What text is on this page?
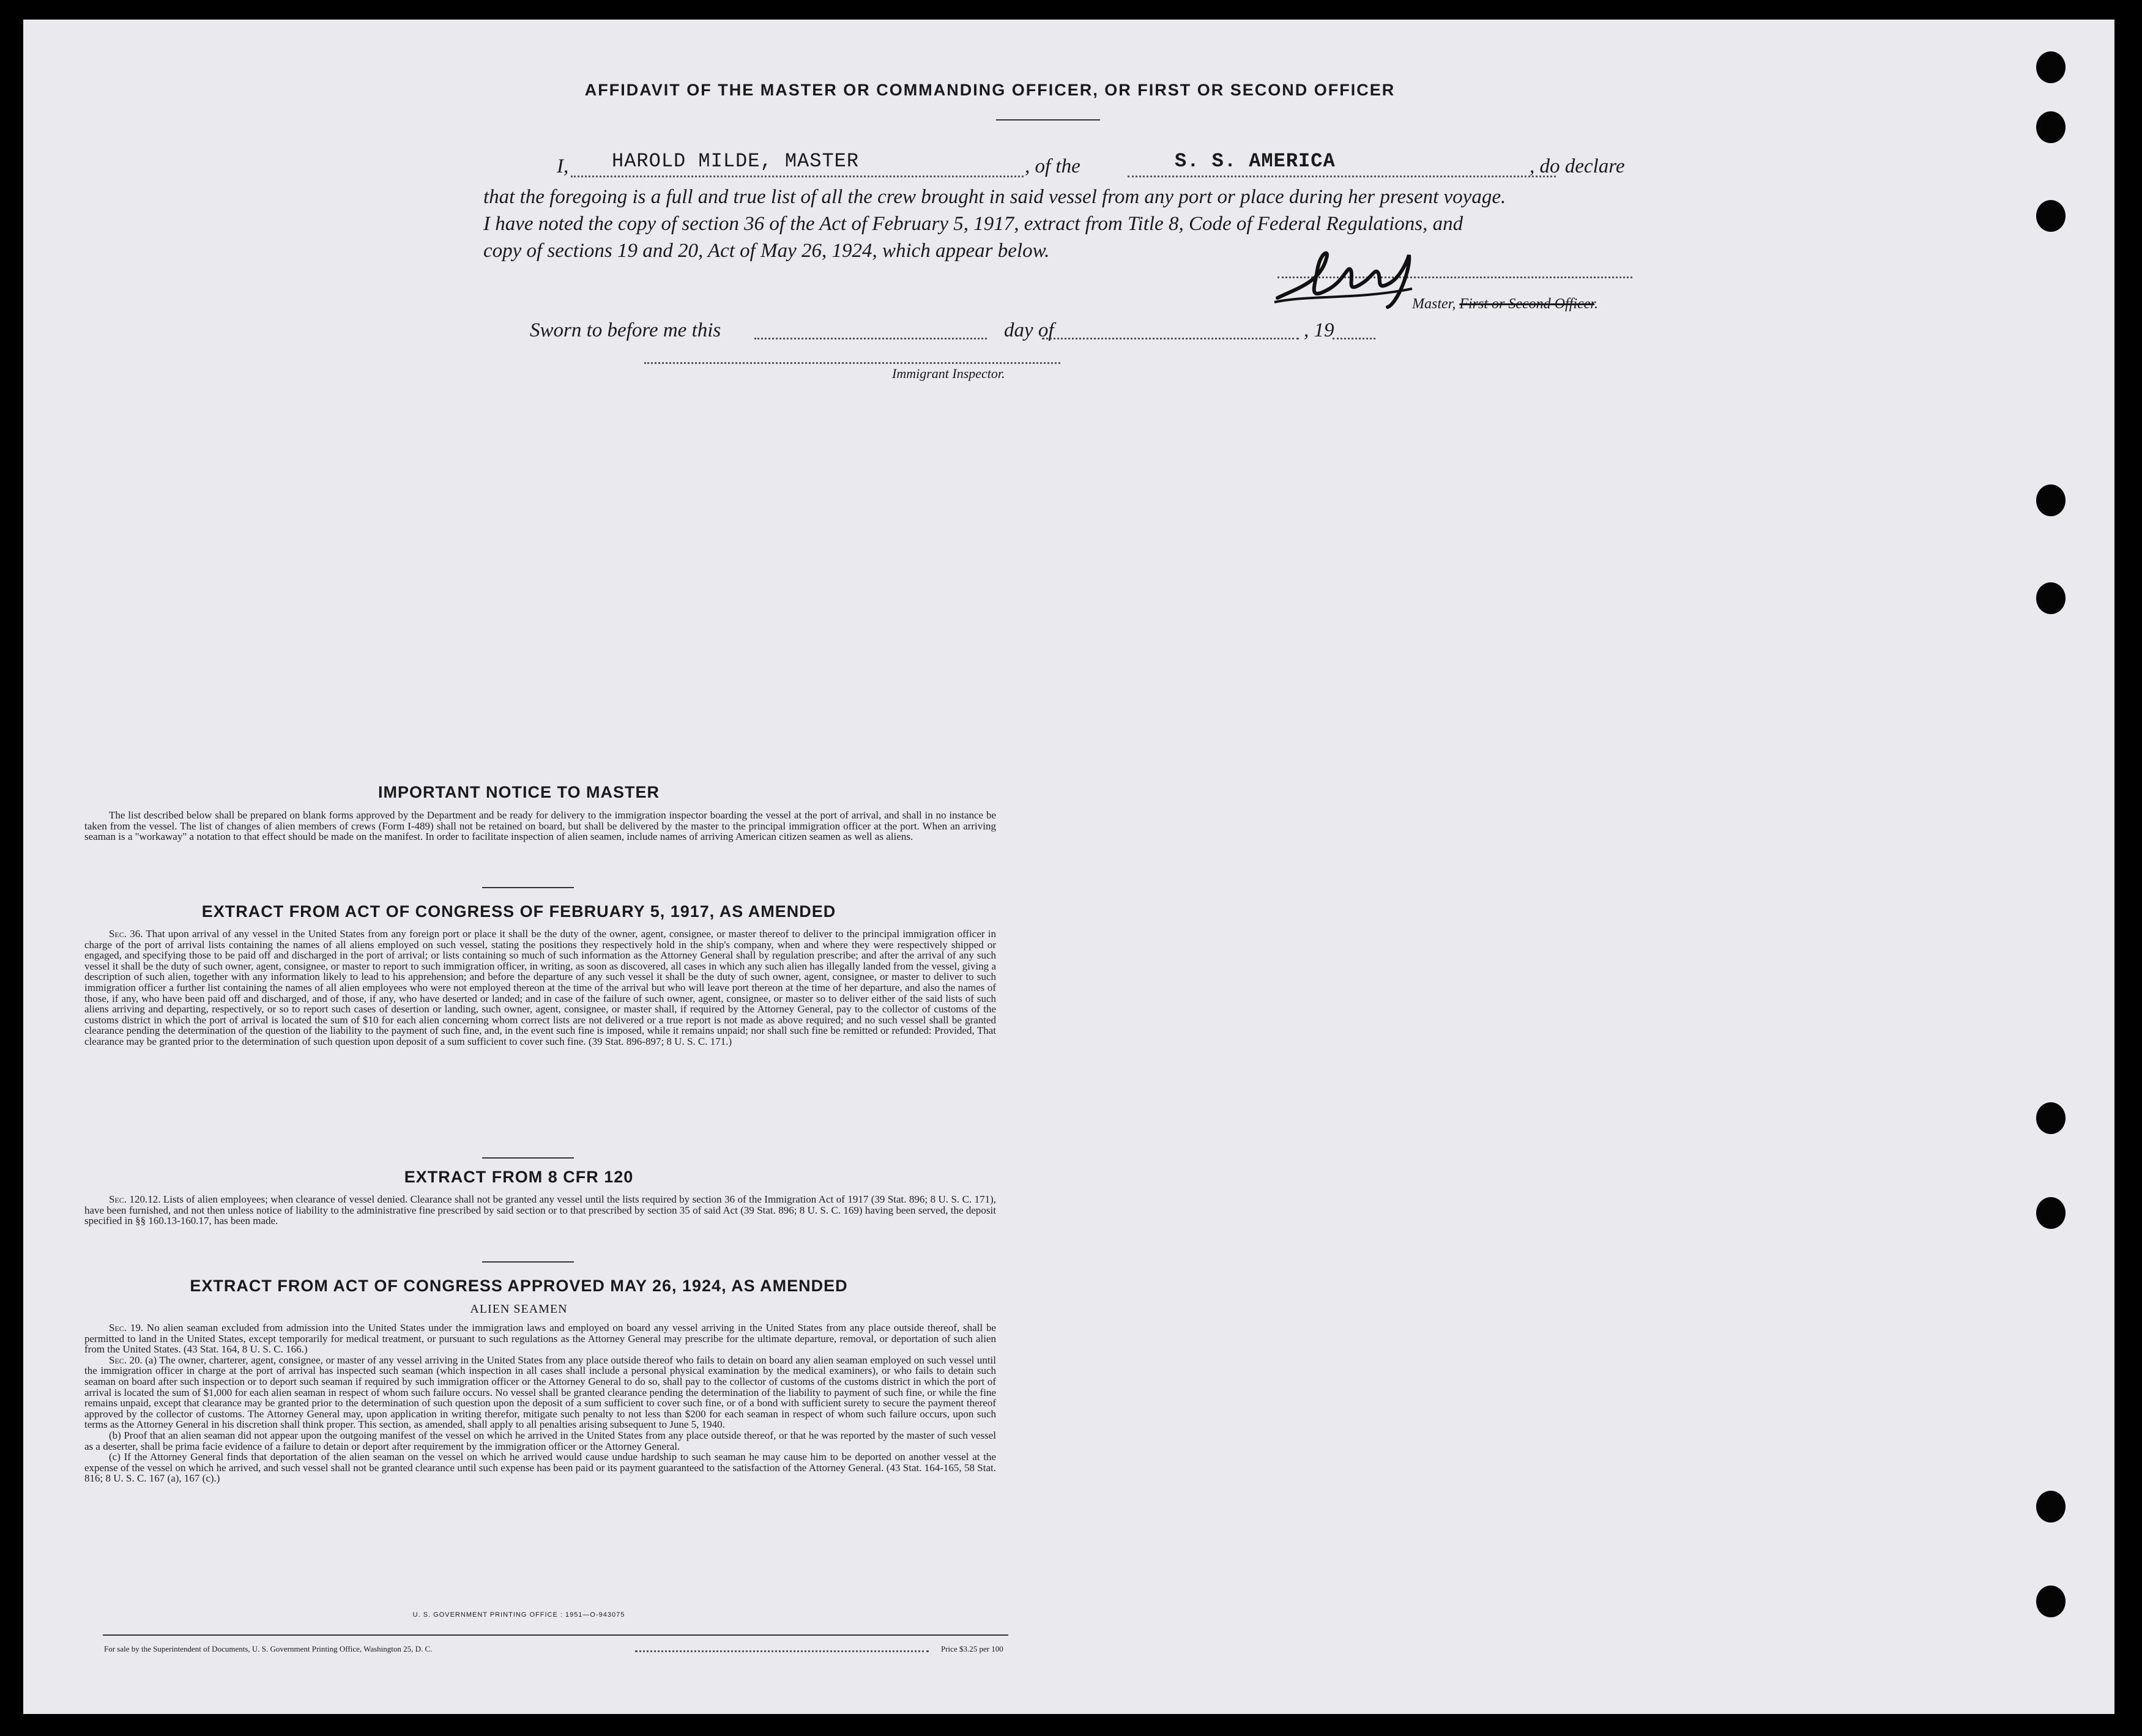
AFFIDAVIT OF THE MASTER OR COMMANDING OFFICER, OR FIRST OR SECOND OFFICER
I, HAROLD MILDE, MASTER	, of the	S. S. AMERICA	, do declare
that the foregoing is a full and true list of all the crew brought in said vessel from any port or place during her present voyage.
I have noted the copy of section 36 of the Act of February 5, 1917, extract from Title 8, Code of Federal Regulations, and
copy of sections 19 and 20, Act of May 26, 1924, which appear below.
Master, First or Second Officer.
Sworn to before me this	day of	, 19
Immigrant Inspector.
IMPORTANT NOTICE TO MASTER

The list described below shall be prepared on blank forms approved by the Department and be ready for delivery to the immigration inspector boarding the vessel at the port of arrival, and shall in no instance be taken from the vessel. The list of changes of alien members of crews (Form I-489) shall not be retained on board, but shall be delivered by the master to the principal immigration officer at the port. When an arriving seaman is a "workaway" a notation to that effect should be made on the manifest. In order to facilitate inspection of alien seamen, include names of arriving American citizen seamen as well as aliens.

EXTRACT FROM ACT OF CONGRESS OF FEBRUARY 5, 1917, AS AMENDED

Sec. 36. That upon arrival of any vessel in the United States from any foreign port or place it shall be the duty of the owner, agent, consignee, or master thereof to deliver to the principal immigration officer in charge of the port of arrival lists containing the names of all aliens employed on such vessel, stating the positions they respectively hold in the ship's company, when and where they were respectively shipped or engaged, and specifying those to be paid off and discharged in the port of arrival; or lists containing so much of such information as the Attorney General shall by regulation prescribe; and after the arrival of any such vessel it shall be the duty of such owner, agent, consignee, or master to report to such immigration officer, in writing, as soon as discovered, all cases in which any such alien has illegally landed from the vessel, giving a description of such alien, together with any information likely to lead to his apprehension; and before the departure of any such vessel it shall be the duty of such owner, agent, consignee, or master to deliver to such immigration officer a further list containing the names of all alien employees who were not employed thereon at the time of the arrival but who will leave port thereon at the time of her departure, and also the names of those, if any, who have been paid off and discharged, and of those, if any, who have deserted or landed; and in case of the failure of such owner, agent, consignee, or master so to deliver either of the said lists of such aliens arriving and departing, respectively, or so to report such cases of desertion or landing, such owner, agent, consignee, or master shall, if required by the Attorney General, pay to the collector of customs of the customs district in which the port of arrival is located the sum of $10 for each alien concerning whom correct lists are not delivered or a true report is not made as above required; and no such vessel shall be granted clearance pending the determination of the question of the liability to the payment of such fine, and, in the event such fine is imposed, while it remains unpaid; nor shall such fine be remitted or refunded: Provided, That clearance may be granted prior to the determination of such question upon deposit of a sum sufficient to cover such fine. (39 Stat. 896-897; 8 U. S. C. 171.)

EXTRACT FROM 8 CFR 120

Sec. 120.12. Lists of alien employees; when clearance of vessel denied. Clearance shall not be granted any vessel until the lists required by section 36 of the Immigration Act of 1917 (39 Stat. 896; 8 U. S. C. 171), have been furnished, and not then unless notice of liability to the administrative fine prescribed by said section or to that prescribed by section 35 of said Act (39 Stat. 896; 8 U. S. C. 169) having been served, the deposit specified in §§ 160.13-160.17, has been made.

EXTRACT FROM ACT OF CONGRESS APPROVED MAY 26, 1924, AS AMENDED
ALIEN SEAMEN

Sec. 19. No alien seaman excluded from admission into the United States under the immigration laws and employed on board any vessel arriving in the United States from any place outside thereof, shall be permitted to land in the United States, except temporarily for medical treatment, or pursuant to such regulations as the Attorney General may prescribe for the ultimate departure, removal, or deportation of such alien from the United States. (43 Stat. 164, 8 U. S. C. 166.)

Sec. 20. (a) The owner, charterer, agent, consignee, or master of any vessel arriving in the United States from any place outside thereof who fails to detain on board any alien seaman employed on such vessel until the immigration officer in charge at the port of arrival has inspected such seaman (which inspection in all cases shall include a personal physical examination by the medical examiners), or who fails to detain such seaman on board after such inspection or to deport such seaman if required by such immigration officer or the Attorney General to do so, shall pay to the collector of customs of the customs district in which the port of arrival is located the sum of $1,000 for each alien seaman in respect of whom such failure occurs. No vessel shall be granted clearance pending the determination of the liability to payment of such fine, or while the fine remains unpaid, except that clearance may be granted prior to the determination of such question upon the deposit of a sum sufficient to cover such fine, or of a bond with sufficient surety to secure the payment thereof approved by the collector of customs. The Attorney General may, upon application in writing therefor, mitigate such penalty to not less than $200 for each seaman in respect of whom such failure occurs, upon such terms as the Attorney General in his discretion shall think proper. This section, as amended, shall apply to all penalties arising subsequent to June 5, 1940.

(b) Proof that an alien seaman did not appear upon the outgoing manifest of the vessel on which he arrived in the United States from any place outside thereof, or that he was reported by the master of such vessel as a deserter, shall be prima facie evidence of a failure to detain or deport after requirement by the immigration officer or the Attorney General.

(c) If the Attorney General finds that deportation of the alien seaman on the vessel on which he arrived would cause undue hardship to such seaman he may cause him to be deported on another vessel at the expense of the vessel on which he arrived, and such vessel shall not be granted clearance until such expense has been paid or its payment guaranteed to the satisfaction of the Attorney General. (43 Stat. 164-165, 58 Stat. 816; 8 U. S. C. 167 (a), 167 (c).)

U. S. GOVERNMENT PRINTING OFFICE : 1951—O-943075
For sale by the Superintendent of Documents, U. S. Government Printing Office, Washington 25, D. C.	Price $3.25 per 100
